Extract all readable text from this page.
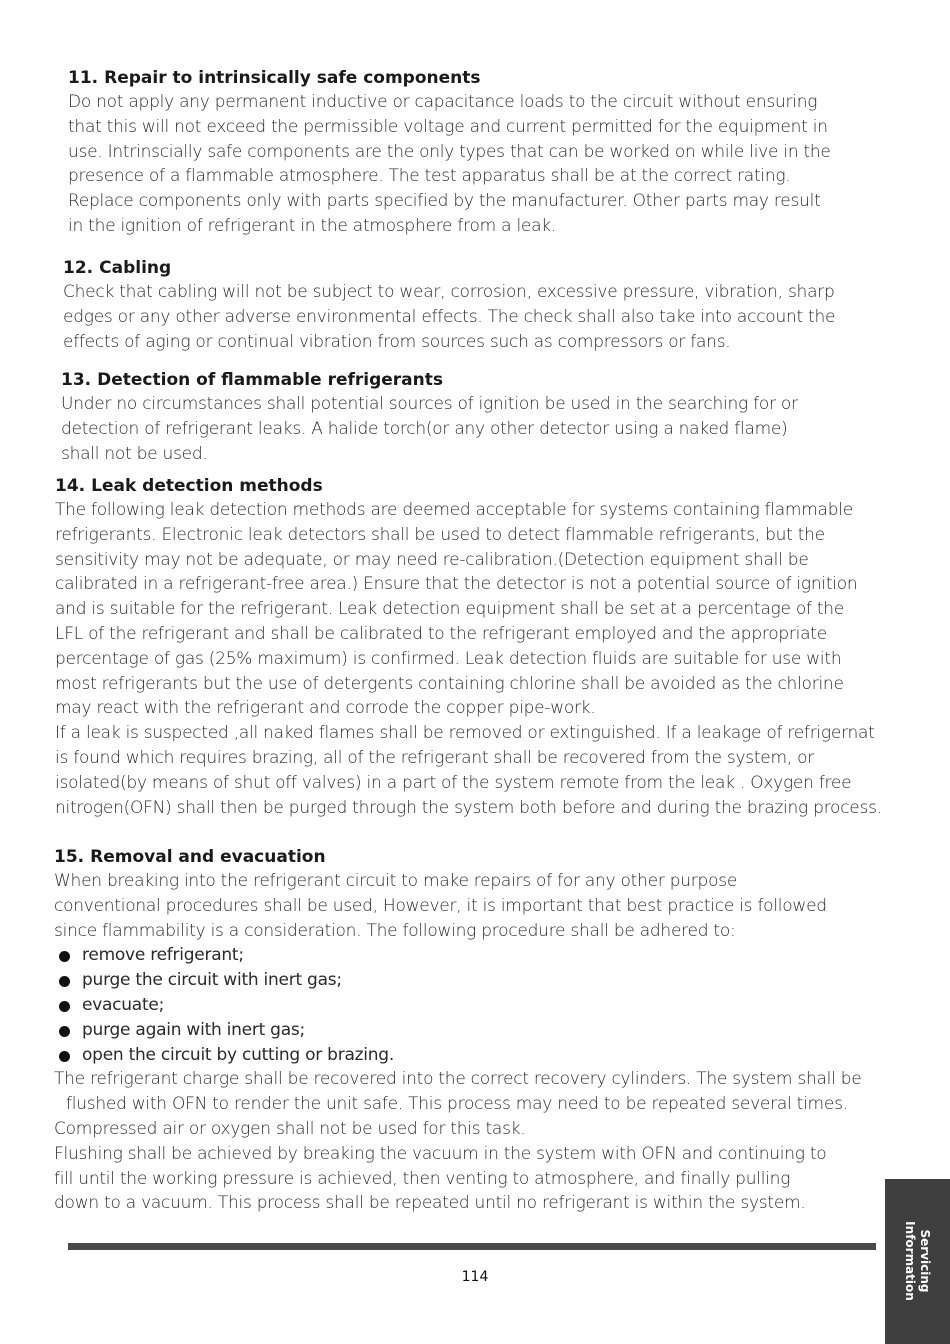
11. Repair to intrinsically safe components

Do not apply any permanent inductive or capacitance loads to the circuit without ensuring

that this will not exceed the permissible voltage and current permitted for the equipment in

use. Intrinscially safe components are the only types that can be worked on while live in the

presence of a flammable atmosphere. The test apparatus shall be at the correct rating.

Replace components only with parts specified by the manufacturer. Other parts may result

in the ignition of refrigerant in the atmosphere from a leak.

12. Cabling

Check that cabling will not be subject to wear, corrosion, excessive pressure, vibration, sharp

edges or any other adverse environmental effects. The check shall also take into account the

effects of aging or continual vibration from sources such as compressors or fans.

13. Detection of flammable refrigerants

Under no circumstances shall potential sources of ignition be used in the searching for or

detection of refrigerant leaks. A halide torch(or any other detector using a naked flame)

shall not be used.

14. Leak detection methods

The following leak detection methods are deemed acceptable for systems containing flammable

refrigerants. Electronic leak detectors shall be used to detect flammable refrigerants, but the

sensitivity may not be adequate, or may need re-calibration.(Detection equipment shall be

calibrated in a refrigerant-free area.) Ensure that the detector is not a potential source of ignition

and is suitable for the refrigerant. Leak detection equipment shall be set at a percentage of the

LFL of the refrigerant and shall be calibrated to the refrigerant employed and the appropriate

percentage of gas (25% maximum) is confirmed. Leak detection fluids are suitable for use with

most refrigerants but the use of detergents containing chlorine shall be avoided as the chlorine

may react with the refrigerant and corrode the copper pipe-work.

If a leak is suspected ,all naked flames shall be removed or extinguished. If a leakage of refrigernat

is found which requires brazing, all of the refrigerant shall be recovered from the system, or

isolated(by means of shut off valves) in a part of the system remote from the leak . Oxygen free

nitrogen(OFN) shall then be purged through the system both before and during the brazing process.

15. Removal and evacuation

When breaking into the refrigerant circuit to make repairs of for any other purpose

conventional procedures shall be used, However, it is important that best practice is followed

since flammability is a consideration. The following procedure shall be adhered to:

remove refrigerant;
purge the circuit with inert gas;
evacuate;
purge again with inert gas;
open the circuit by cutting or brazing.

The refrigerant charge shall be recovered into the correct recovery cylinders. The system shall be

flushed with OFN to render the unit safe. This process may need to be repeated several times.

Compressed air or oxygen shall not be used for this task.

Flushing shall be achieved by breaking the vacuum in the system with OFN and continuing to

fill until the working pressure is achieved, then venting to atmosphere, and finally pulling

down to a vacuum. This process shall be repeated until no refrigerant is within the system.

114	Servicing
Information
